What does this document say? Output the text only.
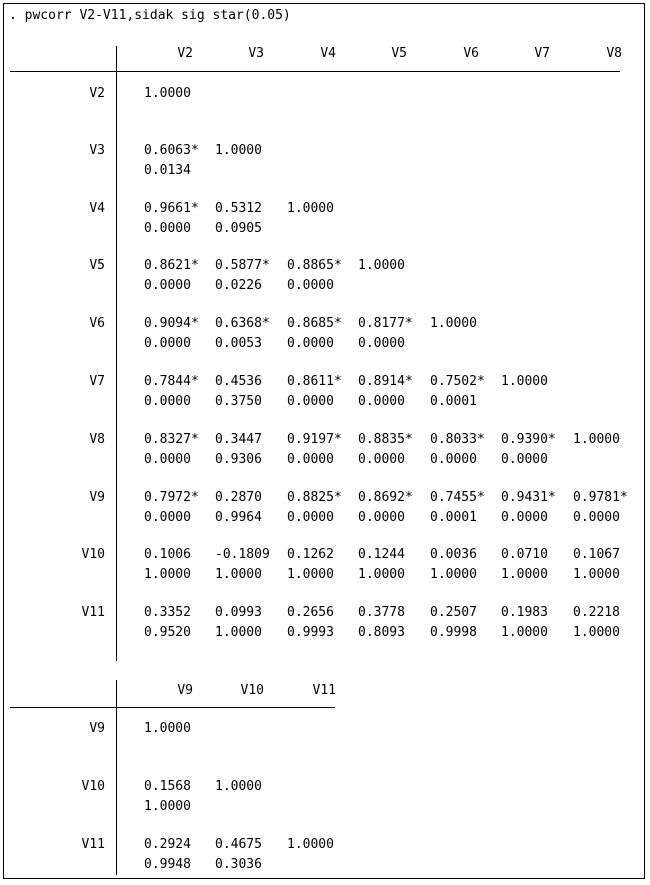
. pwcorr V2-V11,sidak sig star(0.05)
V2	V3	V4	V5	V6	V7	V8
V2	1.0000
V3	0.6063* 1.0000
0.0134
V4	0.9661* 0.5312 1.0000
0.0000 0.0905
V5	0.8621* 0.5877* 0.8865* 1.0000
0.0000 0.0226 0.0000
V6	0.9094* 0.6368* 0.8685* 0.8177* 1.0000
0.0000 0.0053 0.0000 0.0000
V7	0.7844* 0.4536 0.8611* 0.8914* 0.7502* 1.0000
0.0000 0.3750 0.0000 0.0000 0.0001
V8	0.8327* 0.3447 0.9197* 0.8835* 0.8033* 0.9390* 1.0000
0.0000 0.9306 0.0000 0.0000 0.0000 0.0000
V9	0.7972* 0.2870 0.8825* 0.8692* 0.7455* 0.9431* 0.9781*
0.0000 0.9964 0.0000 0.0000 0.0001 0.0000 0.0000
V10	0.1006 -0.1809 0.1262 0.1244 0.0036 0.0710 0.1067
1.0000 1.0000 1.0000 1.0000 1.0000 1.0000 1.0000
V11	0.3352 0.0993 0.2656 0.3778 0.2507 0.1983 0.2218
0.9520 1.0000 0.9993 0.8093 0.9998 1.0000 1.0000
V9	V10	V11
V9	1.0000
V10	0.1568 1.0000
1.0000
V11	0.2924 0.4675 1.0000
0.9948 0.3036
